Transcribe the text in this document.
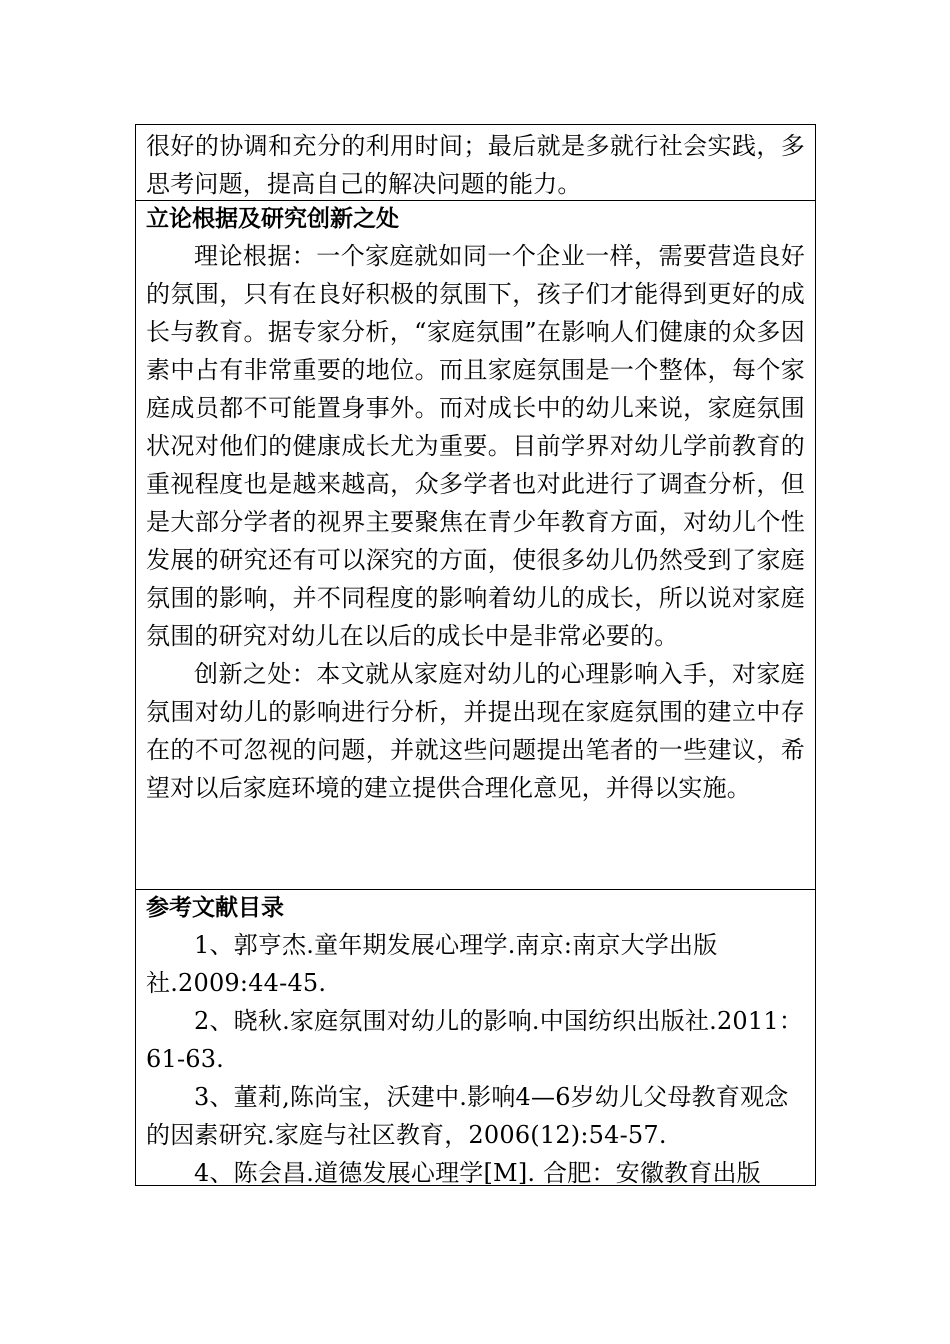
很好的协调和充分的利用时间；最后就是多就行社会实践，多思考问题，提高自己的解决问题的能力。

立论根据及研究创新之处

理论根据：一个家庭就如同一个企业一样，需要营造良好的氛围，只有在良好积极的氛围下，孩子们才能得到更好的成长与教育。据专家分析，“家庭氛围”在影响人们健康的众多因素中占有非常重要的地位。而且家庭氛围是一个整体，每个家庭成员都不可能置身事外。而对成长中的幼儿来说，家庭氛围状况对他们的健康成长尤为重要。目前学界对幼儿学前教育的重视程度也是越来越高，众多学者也对此进行了调查分析，但是大部分学者的视界主要聚焦在青少年教育方面，对幼儿个性发展的研究还有可以深究的方面，使很多幼儿仍然受到了家庭氛围的影响，并不同程度的影响着幼儿的成长，所以说对家庭氛围的研究对幼儿在以后的成长中是非常必要的。

创新之处：本文就从家庭对幼儿的心理影响入手，对家庭氛围对幼儿的影响进行分析，并提出现在家庭氛围的建立中存在的不可忽视的问题，并就这些问题提出笔者的一些建议，希望对以后家庭环境的建立提供合理化意见，并得以实施。

参考文献目录

1、郭亨杰.童年期发展心理学.南京:南京大学出版社.2009:44-45.

2、晓秋.家庭氛围对幼儿的影响.中国纺织出版社.2011：61-63.

3、董莉,陈尚宝，沃建中.影响4—6岁幼儿父母教育观念的因素研究.家庭与社区教育，2006(12):54-57.

4、陈会昌.道德发展心理学[M]. 合肥：安徽教育出版
